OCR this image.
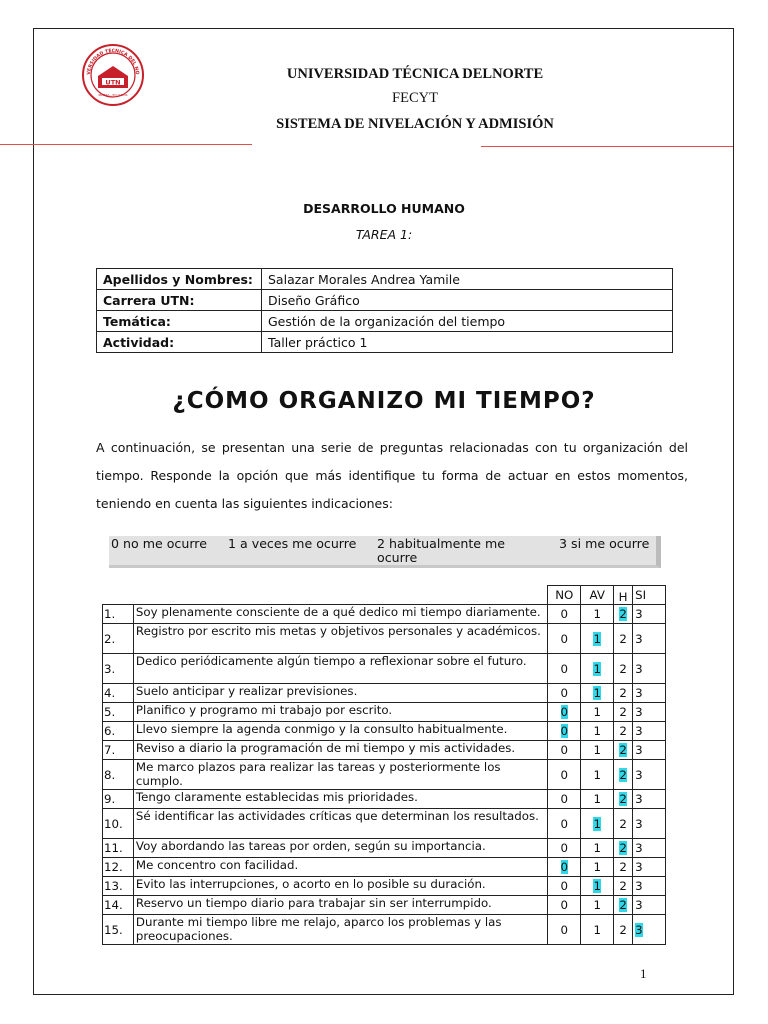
VERSIDAD TÉCNICA DEL NO
UTN
IBARRA - ECUADOR
UNIVERSIDAD TÉCNICA DELNORTE
FECYT
SISTEMA DE NIVELACIÓN Y ADMISIÓN
DESARROLLO HUMANO
TAREA 1:
Apellidos y Nombres:	Salazar Morales Andrea Yamile
Carrera UTN:	Diseño Gráfico
Temática:	Gestión de la organización del tiempo
Actividad:	Taller práctico 1
¿CÓMO ORGANIZO MI TIEMPO?
A continuación, se presentan una serie de preguntas relacionadas con tu organización del tiempo. Responde la opción que más identifique tu forma de actuar en estos momentos, teniendo en cuenta las siguientes indicaciones:
0 no me ocurre 1 a veces me ocurre 2 habitualmente me ocurre
3 si me ocurre
		NO	AV	H	SI
1.	Soy plenamente consciente de a qué dedico mi tiempo diariamente.	0	1	2	3
2.	Registro por escrito mis metas y objetivos personales y académicos.	0	1	2	3
3.	Dedico periódicamente algún tiempo a reflexionar sobre el futuro.	0	1	2	3
4.	Suelo anticipar y realizar previsiones.	0	1	2	3
5.	Planifico y programo mi trabajo por escrito.	0	1	2	3
6.	Llevo siempre la agenda conmigo y la consulto habitualmente.	0	1	2	3
7.	Reviso a diario la programación de mi tiempo y mis actividades.	0	1	2	3
8.	Me marco plazos para realizar las tareas y posteriormente los cumplo.	0	1	2	3
9.	Tengo claramente establecidas mis prioridades.	0	1	2	3
10.	Sé identificar las actividades críticas que determinan los resultados.	0	1	2	3
11.	Voy abordando las tareas por orden, según su importancia.	0	1	2	3
12.	Me concentro con facilidad.	0	1	2	3
13.	Evito las interrupciones, o acorto en lo posible su duración.	0	1	2	3
14.	Reservo un tiempo diario para trabajar sin ser interrumpido.	0	1	2	3
15.	Durante mi tiempo libre me relajo, aparco los problemas y las preocupaciones.	0	1	2	3
1
